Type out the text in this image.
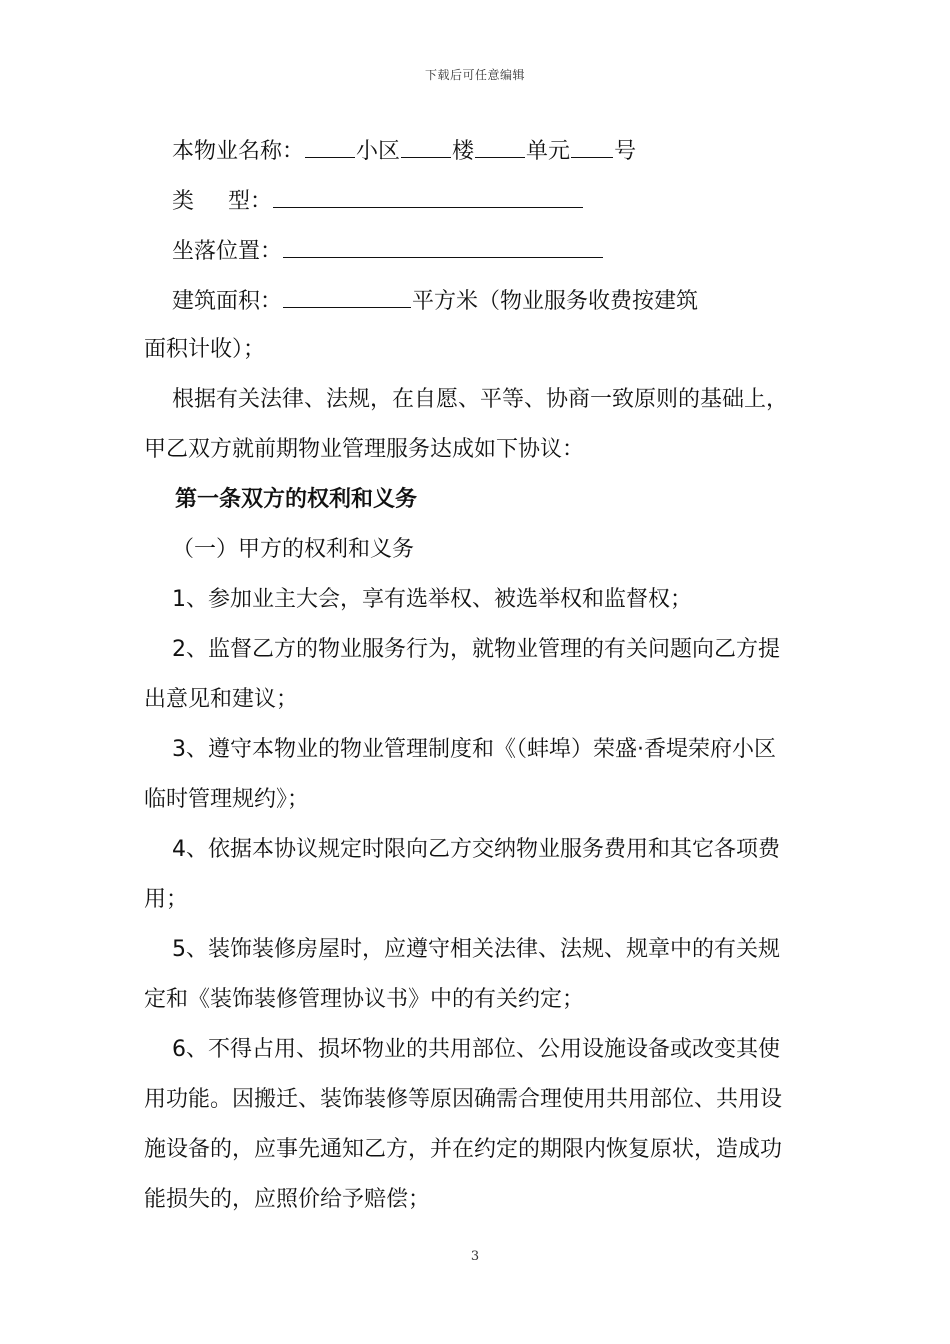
下载后可任意编辑
本物业名称： 小区 楼 单元 号
类 型：
坐落位置：
建筑面积：	平方米（物业服务收费按建筑
面积计收）；
根据有关法律、法规，在自愿、平等、协商一致原则的基础上，
甲乙双方就前期物业管理服务达成如下协议：
第一条双方的权利和义务
（一）甲方的权利和义务
1、参加业主大会，享有选举权、被选举权和监督权；
2、监督乙方的物业服务行为，就物业管理的有关问题向乙方提
出意见和建议；
3、遵守本物业的物业管理制度和《（蚌埠）荣盛·香堤荣府小区
临时管理规约》；
4、依据本协议规定时限向乙方交纳物业服务费用和其它各项费
用；
5、装饰装修房屋时，应遵守相关法律、法规、规章中的有关规
定和《装饰装修管理协议书》中的有关约定；
6、不得占用、损坏物业的共用部位、公用设施设备或改变其使
用功能。因搬迁、装饰装修等原因确需合理使用共用部位、共用设
施设备的，应事先通知乙方，并在约定的期限内恢复原状，造成功
能损失的，应照价给予赔偿；
3
